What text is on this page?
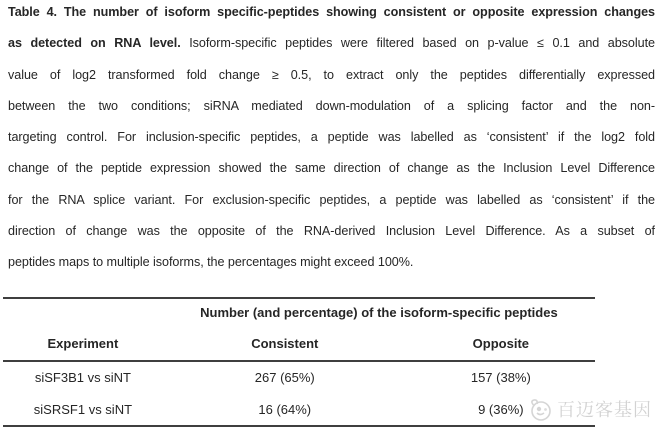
Table 4. The number of isoform specific-peptides showing consistent or opposite expression changes
as detected on RNA level. Isoform-specific peptides were filtered based on p-value ≤ 0.1 and absolute
value of log2 transformed fold change ≥ 0.5, to extract only the peptides differentially expressed
between the two conditions; siRNA mediated down-modulation of a splicing factor and the non-
targeting control. For inclusion-specific peptides, a peptide was labelled as ‘consistent’ if the log2 fold
change of the peptide expression showed the same direction of change as the Inclusion Level Difference
for the RNA splice variant. For exclusion-specific peptides, a peptide was labelled as ‘consistent’ if the
direction of change was the opposite of the RNA-derived Inclusion Level Difference. As a subset of
peptides maps to multiple isoforms, the percentages might exceed 100%.
Number (and percentage) of the isoform-specific peptides
Experiment	Consistent	Opposite
siSF3B1 vs siNT	267 (65%)	157 (38%)
siSRSF1 vs siNT	16 (64%)	9 (36%)	百迈客基因
